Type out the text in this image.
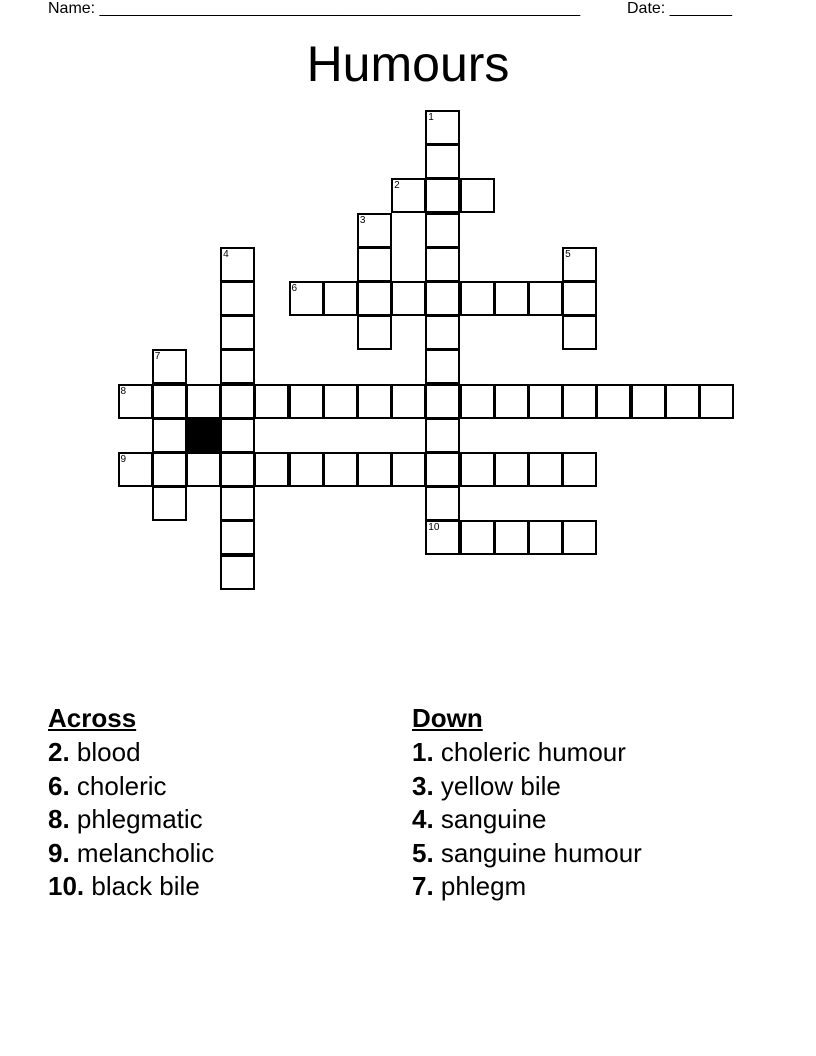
Name: ______________________________________________________	Date: _______
Humours
1
2
3
4	5
6
7
8
9
10
Across
2. blood
6. choleric
8. phlegmatic
9. melancholic
10. black bile
Down
1. choleric humour
3. yellow bile
4. sanguine
5. sanguine humour
7. phlegm
